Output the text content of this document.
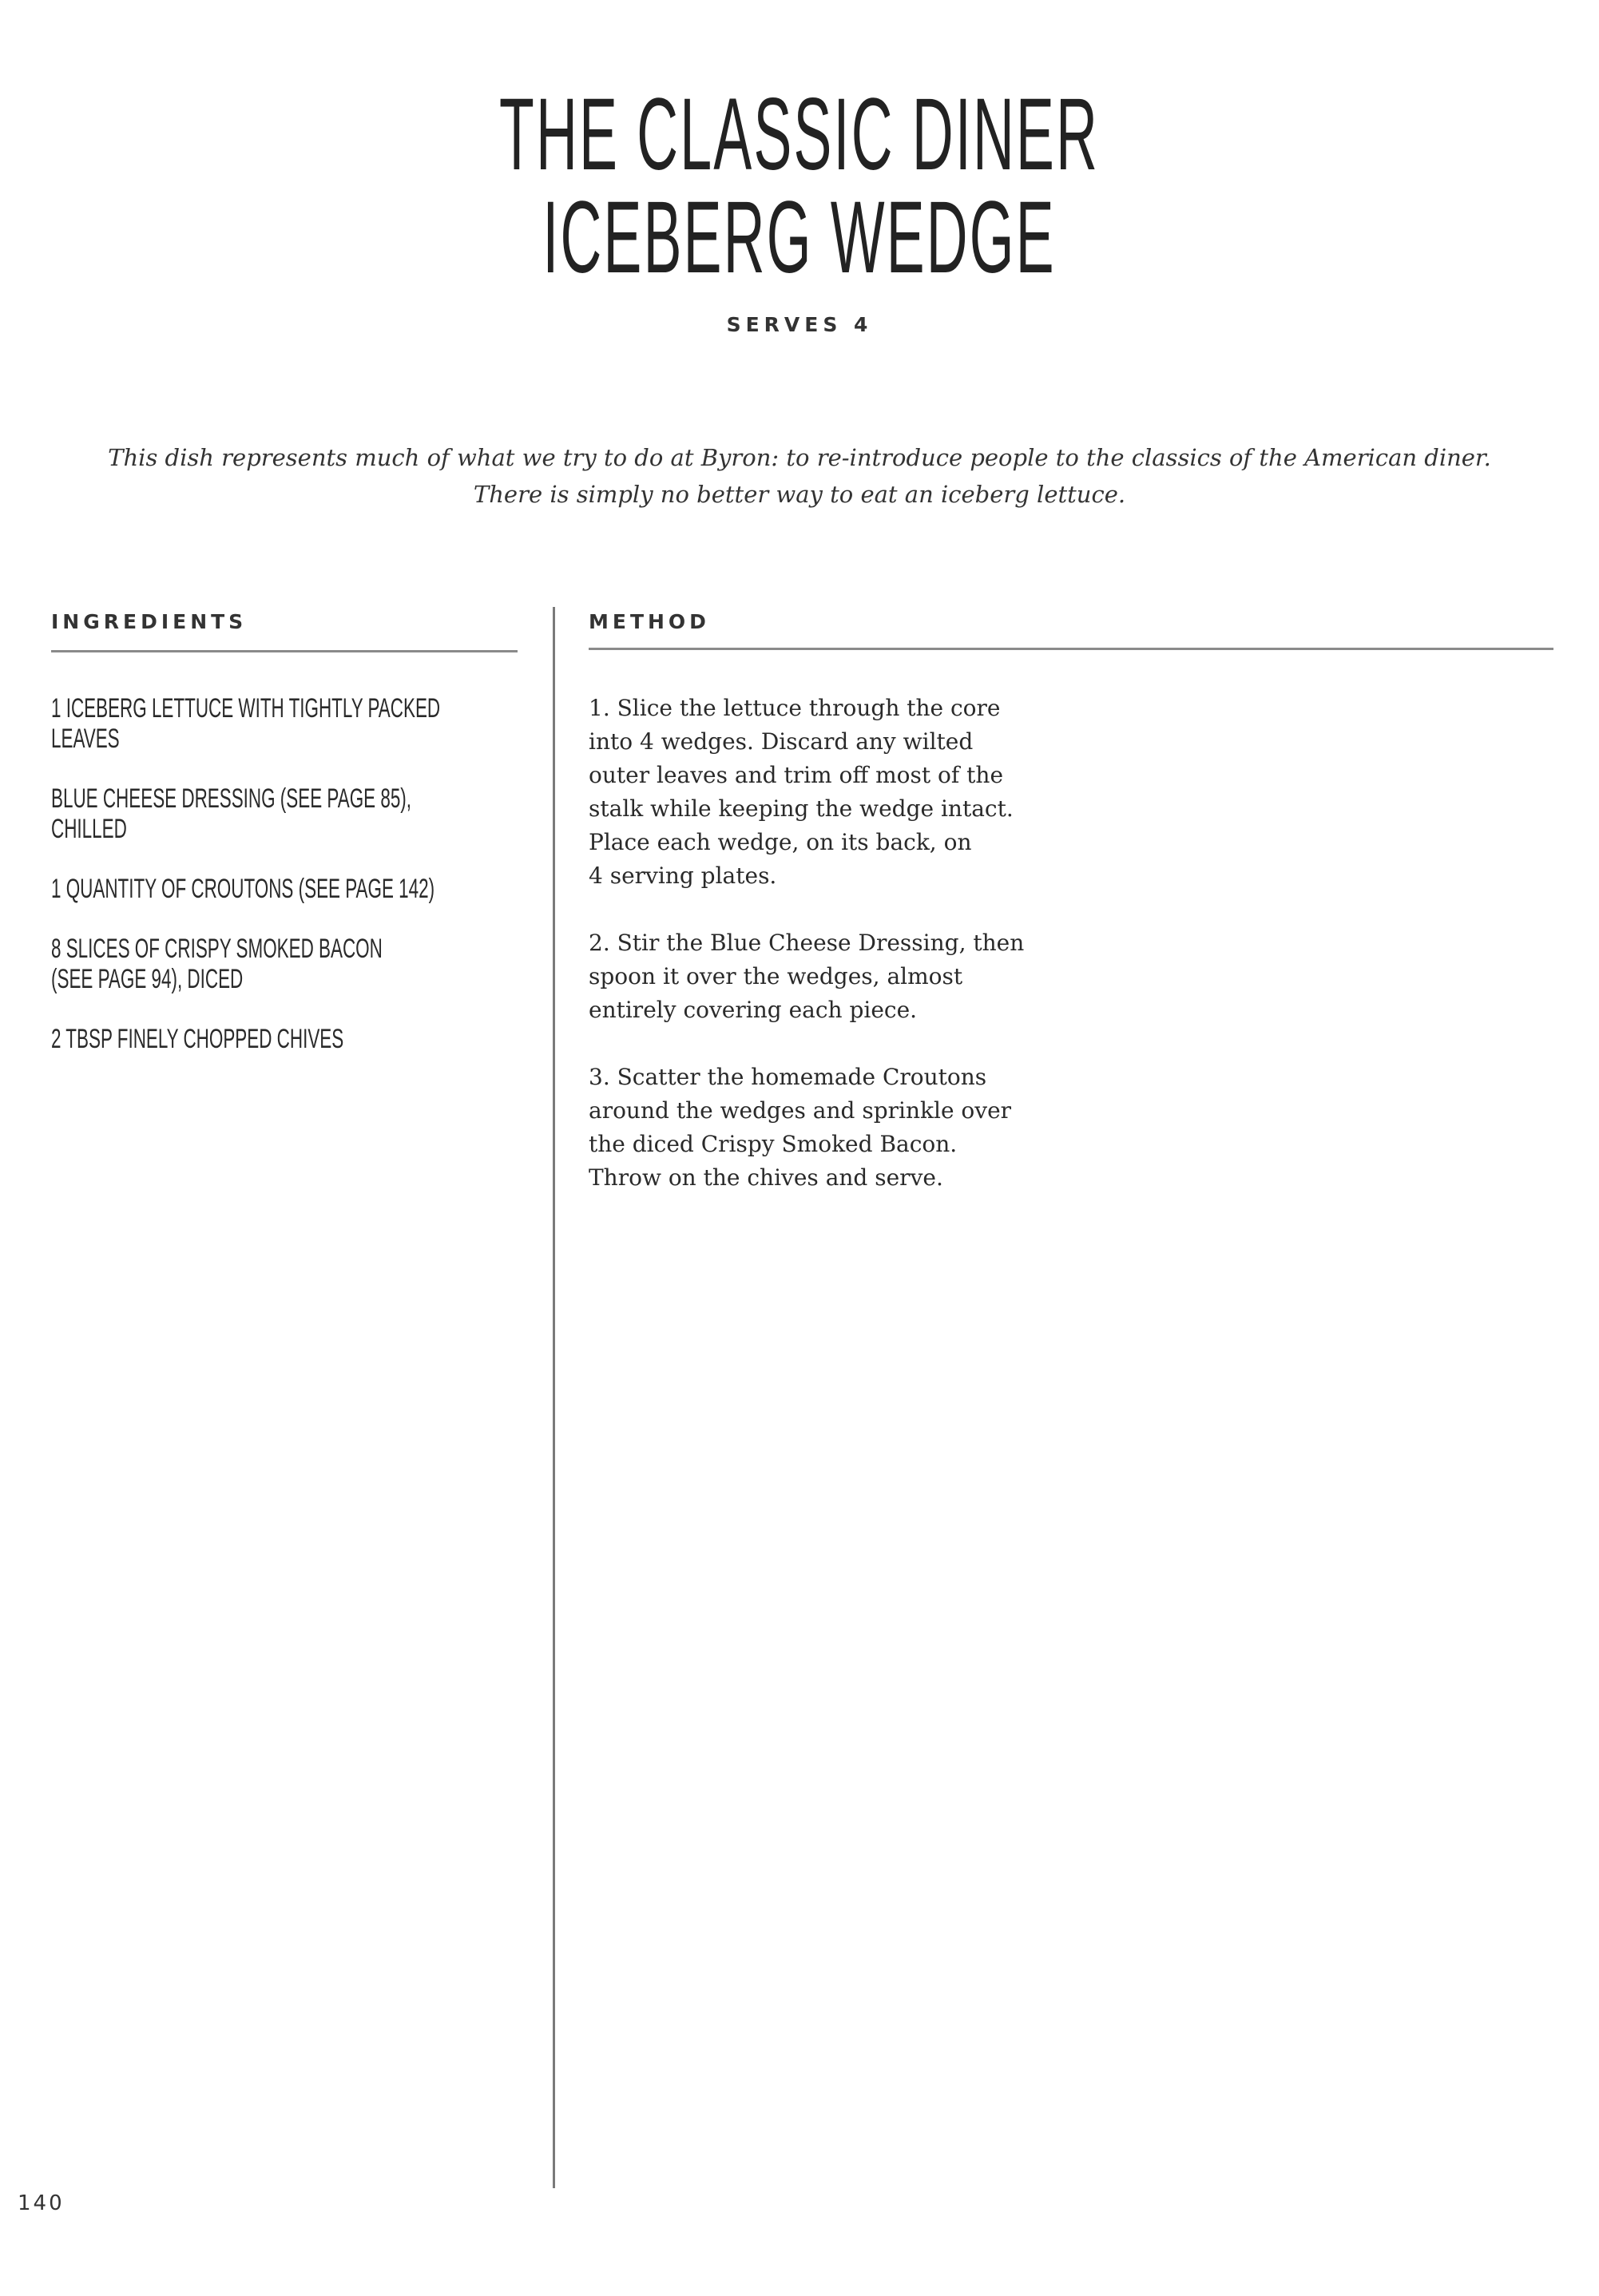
THE CLASSIC DINER
ICEBERG WEDGE
SERVES 4
This dish represents much of what we try to do at Byron: to re-introduce people to the classics of the American diner.
There is simply no better way to eat an iceberg lettuce.
INGREDIENTS	METHOD
1 ICEBERG LETTUCE WITH TIGHTLY PACKED
LEAVES
BLUE CHEESE DRESSING (SEE PAGE 85),
CHILLED
1 QUANTITY OF CROUTONS (SEE PAGE 142)
8 SLICES OF CRISPY SMOKED BACON
(SEE PAGE 94), DICED
2 TBSP FINELY CHOPPED CHIVES
1. Slice the lettuce through the core
into 4 wedges. Discard any wilted
outer leaves and trim off most of the
stalk while keeping the wedge intact.
Place each wedge, on its back, on
4 serving plates.
2. Stir the Blue Cheese Dressing, then
spoon it over the wedges, almost
entirely covering each piece.
3. Scatter the homemade Croutons
around the wedges and sprinkle over
the diced Crispy Smoked Bacon.
Throw on the chives and serve.
140
